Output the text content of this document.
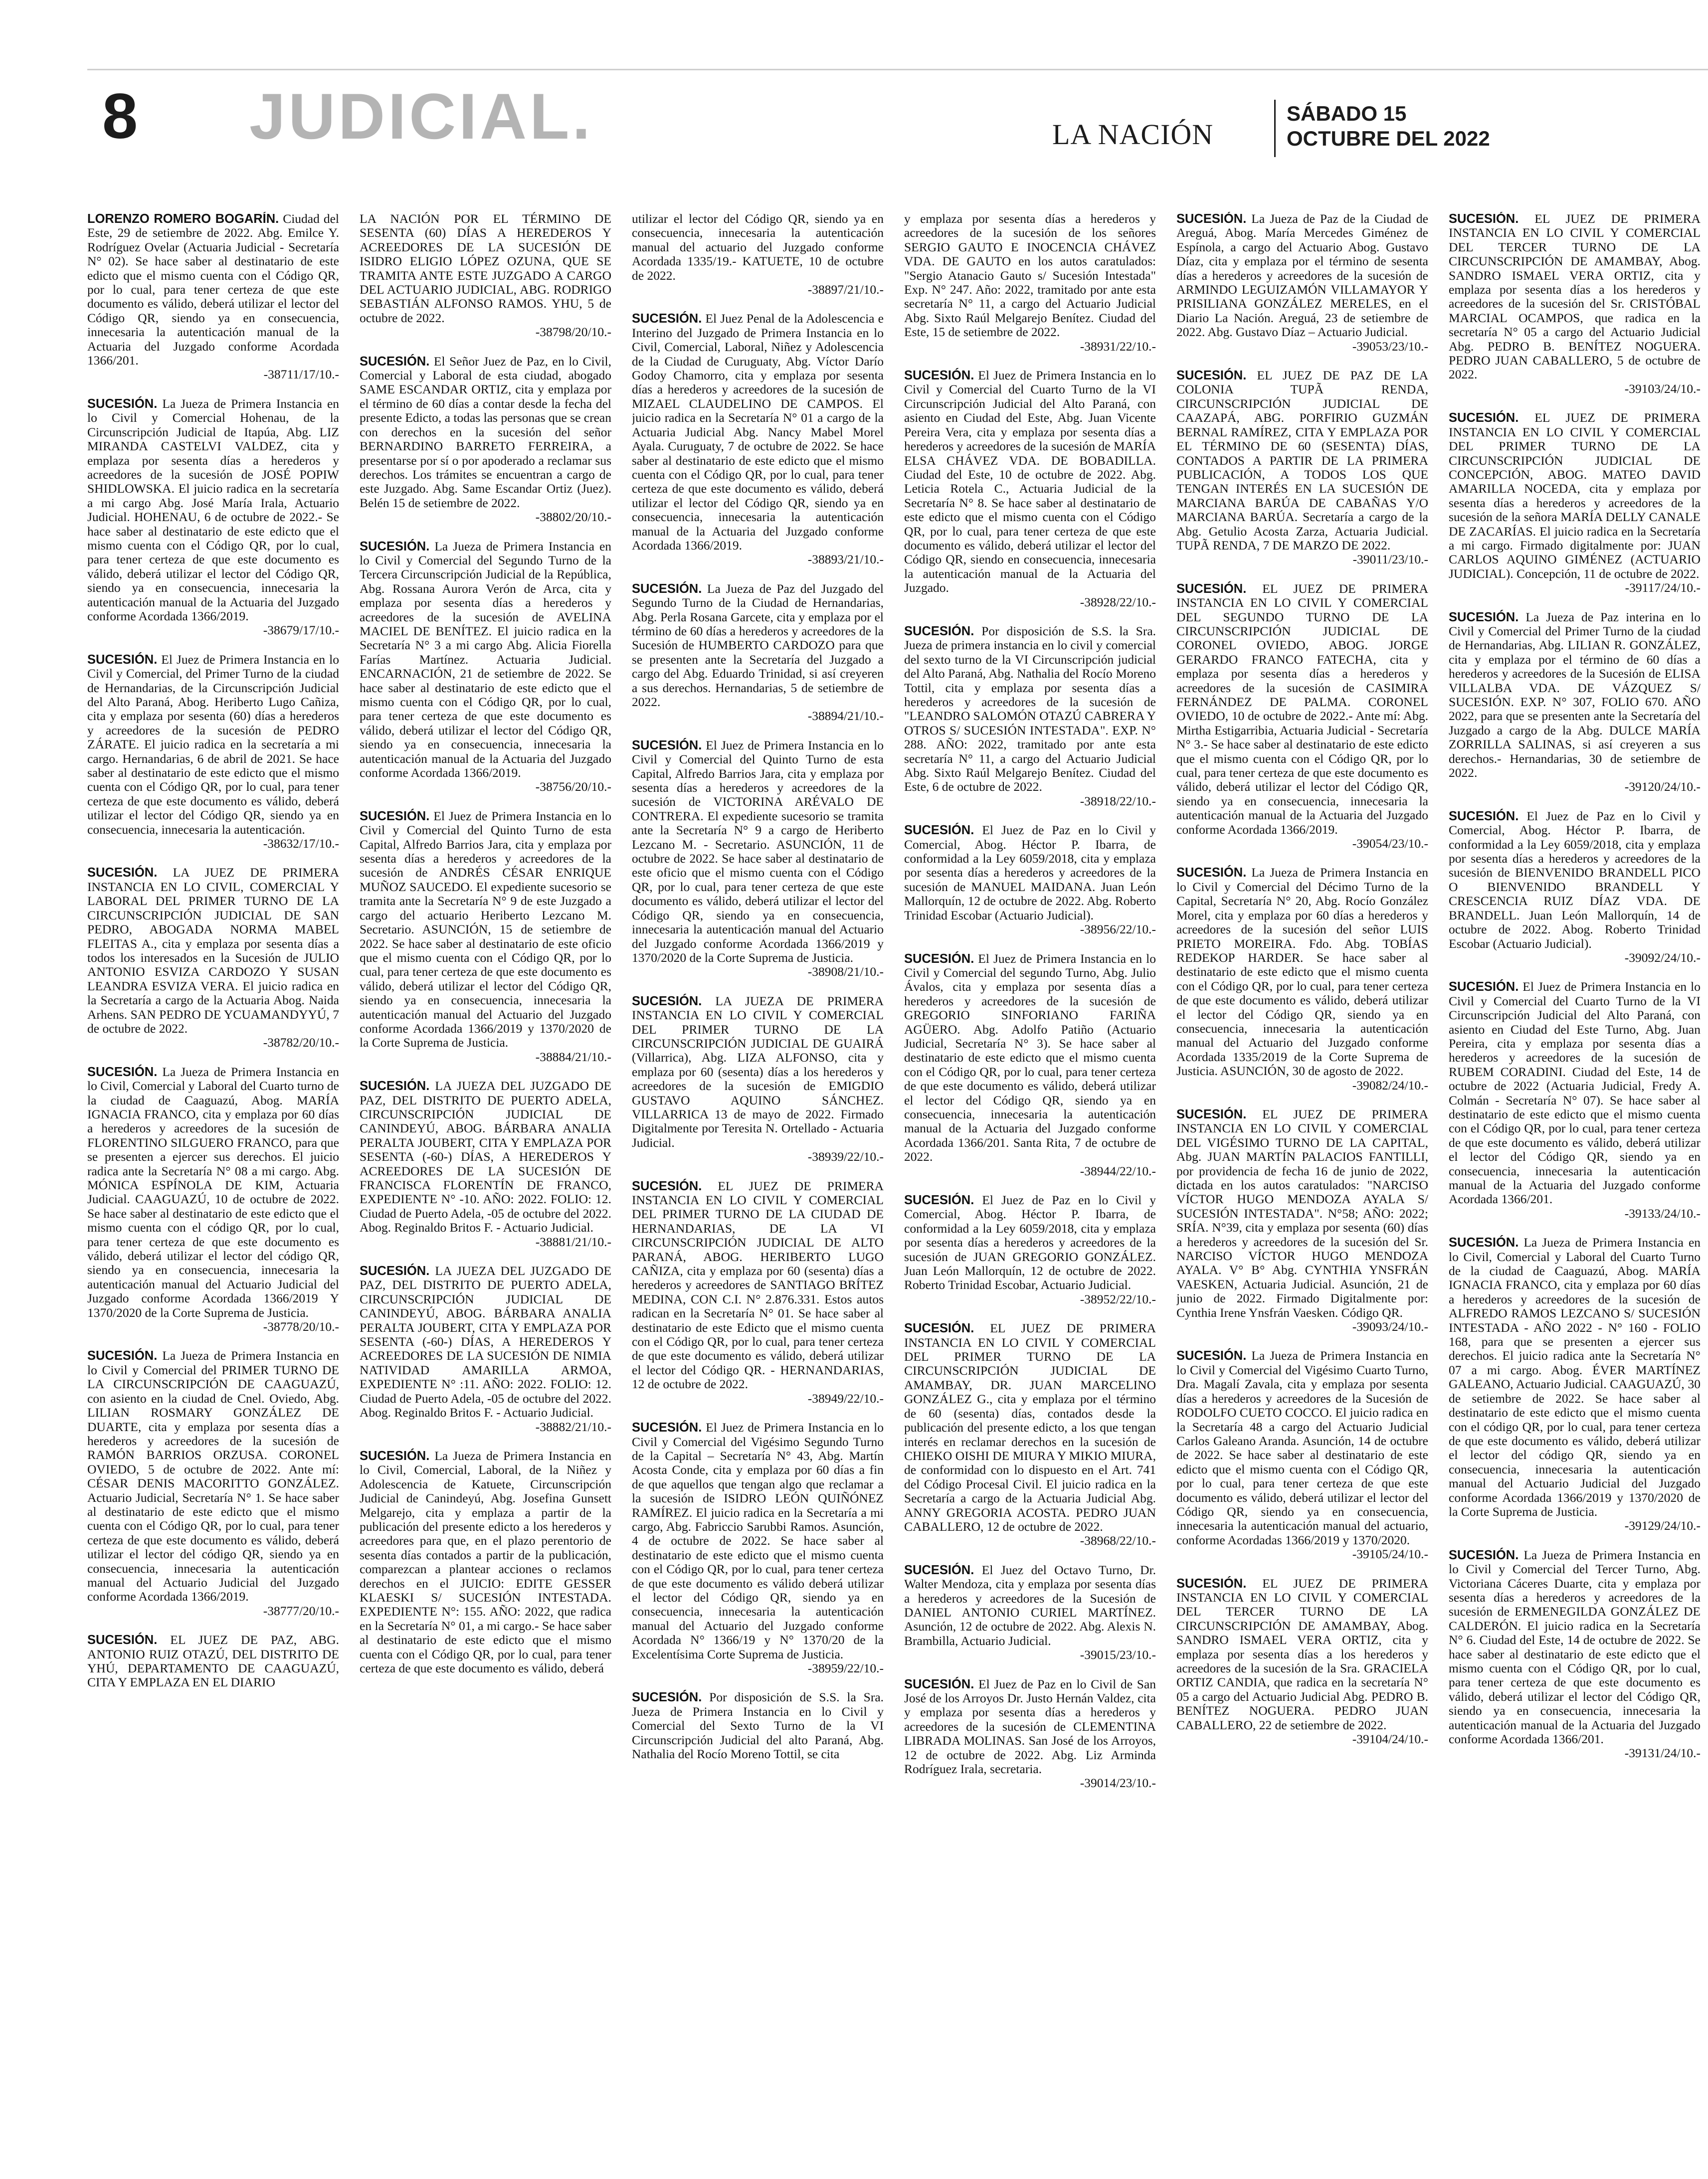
8 JUDICIAL.	LA NACIÓN
SÁBADO 15
OCTUBRE DEL 2022

LORENZO ROMERO BOGARÍN. Ciudad del Este, 29 de setiembre de 2022. Abg. Emilce Y. Rodríguez Ovelar (Actuaria Judicial - Secretaría N° 02). Se hace saber al destinatario de este edicto que el mismo cuenta con el Código QR, por lo cual, para tener certeza de que este documento es válido, deberá utilizar el lector del Código QR, siendo ya en consecuencia, innecesaria la autenticación manual de la Actuaria del Juzgado conforme Acordada 1366/201.
-38711/17/10.-

SUCESIÓN. La Jueza de Primera Instancia en lo Civil y Comercial Hohenau, de la Circunscripción Judicial de Itapúa, Abg. LIZ MIRANDA CASTELVI VALDEZ, cita y emplaza por sesenta días a herederos y acreedores de la sucesión de JOSÉ POPIW SHIDLOWSKA. El juicio radica en la secretaría a mi cargo Abg. José María Irala, Actuario Judicial. HOHENAU, 6 de octubre de 2022.- Se hace saber al destinatario de este edicto que el mismo cuenta con el Código QR, por lo cual, para tener certeza de que este documento es válido, deberá utilizar el lector del Código QR, siendo ya en consecuencia, innecesaria la autenticación manual de la Actuaria del Juzgado conforme Acordada 1366/2019.
-38679/17/10.-

SUCESIÓN. El Juez de Primera Instancia en lo Civil y Comercial, del Primer Turno de la ciudad de Hernandarias, de la Circunscripción Judicial del Alto Paraná, Abog. Heriberto Lugo Cañiza, cita y emplaza por sesenta (60) días a herederos y acreedores de la sucesión de PEDRO ZÁRATE. El juicio radica en la secretaría a mi cargo. Hernandarias, 6 de abril de 2021. Se hace saber al destinatario de este edicto que el mismo cuenta con el Código QR, por lo cual, para tener certeza de que este documento es válido, deberá utilizar el lector del Código QR, siendo ya en consecuencia, innecesaria la autenticación.
-38632/17/10.-

SUCESIÓN. LA JUEZ DE PRIMERA INSTANCIA EN LO CIVIL, COMERCIAL Y LABORAL DEL PRIMER TURNO DE LA CIRCUNSCRIPCIÓN JUDICIAL DE SAN PEDRO, ABOGADA NORMA MABEL FLEITAS A., cita y emplaza por sesenta días a todos los interesados en la Sucesión de JULIO ANTONIO ESVIZA CARDOZO Y SUSAN LEANDRA ESVIZA VERA. El juicio radica en la Secretaría a cargo de la Actuaria Abog. Naida Arhens. SAN PEDRO DE YCUAMANDYYÚ, 7 de octubre de 2022.
-38782/20/10.-

SUCESIÓN. La Jueza de Primera Instancia en lo Civil, Comercial y Laboral del Cuarto turno de la ciudad de Caaguazú, Abog. MARÍA IGNACIA FRANCO, cita y emplaza por 60 días a herederos y acreedores de la sucesión de FLORENTINO SILGUERO FRANCO, para que se presenten a ejercer sus derechos. El juicio radica ante la Secretaría N° 08 a mi cargo. Abg. MÓNICA ESPÍNOLA DE KIM, Actuaria Judicial. CAAGUAZÚ, 10 de octubre de 2022. Se hace saber al destinatario de este edicto que el mismo cuenta con el código QR, por lo cual, para tener certeza de que este documento es válido, deberá utilizar el lector del código QR, siendo ya en consecuencia, innecesaria la autenticación manual del Actuario Judicial del Juzgado conforme Acordada 1366/2019 Y 1370/2020 de la Corte Suprema de Justicia.
-38778/20/10.-

SUCESIÓN. La Jueza de Primera Instancia en lo Civil y Comercial del PRIMER TURNO DE LA CIRCUNSCRIPCIÓN DE CAAGUAZÚ, con asiento en la ciudad de Cnel. Oviedo, Abg. LILIAN ROSMARY GONZÁLEZ DE DUARTE, cita y emplaza por sesenta días a herederos y acreedores de la sucesión de RAMÓN BARRIOS ORZUSA. CORONEL OVIEDO, 5 de octubre de 2022. Ante mí: CÉSAR DENIS MACORITTO GONZÁLEZ. Actuario Judicial, Secretaría N° 1. Se hace saber al destinatario de este edicto que el mismo cuenta con el Código QR, por lo cual, para tener certeza de que este documento es válido, deberá utilizar el lector del código QR, siendo ya en consecuencia, innecesaria la autenticación manual del Actuario Judicial del Juzgado conforme Acordada 1366/2019.
-38777/20/10.-

SUCESIÓN. EL JUEZ DE PAZ, ABG. ANTONIO RUIZ OTAZÚ, DEL DISTRITO DE YHÚ, DEPARTAMENTO DE CAAGUAZÚ, CITA Y EMPLAZA EN EL DIARIO

LA NACIÓN POR EL TÉRMINO DE SESENTA (60) DÍAS A HEREDEROS Y ACREEDORES DE LA SUCESIÓN DE ISIDRO ELIGIO LÓPEZ OZUNA, QUE SE TRAMITA ANTE ESTE JUZGADO A CARGO DEL ACTUARIO JUDICIAL, ABG. RODRIGO SEBASTIÁN ALFONSO RAMOS. YHU, 5 de octubre de 2022.
-38798/20/10.-

SUCESIÓN. El Señor Juez de Paz, en lo Civil, Comercial y Laboral de esta ciudad, abogado SAME ESCANDAR ORTIZ, cita y emplaza por el término de 60 días a contar desde la fecha del presente Edicto, a todas las personas que se crean con derechos en la sucesión del señor BERNARDINO BARRETO FERREIRA, a presentarse por sí o por apoderado a reclamar sus derechos. Los trámites se encuentran a cargo de este Juzgado. Abg. Same Escandar Ortiz (Juez). Belén 15 de setiembre de 2022.
-38802/20/10.-

SUCESIÓN. La Jueza de Primera Instancia en lo Civil y Comercial del Segundo Turno de la Tercera Circunscripción Judicial de la República, Abg. Rossana Aurora Verón de Arca, cita y emplaza por sesenta días a herederos y acreedores de la sucesión de AVELINA MACIEL DE BENÍTEZ. El juicio radica en la Secretaría N° 3 a mi cargo Abg. Alicia Fiorella Farías Martínez. Actuaria Judicial. ENCARNACIÓN, 21 de setiembre de 2022. Se hace saber al destinatario de este edicto que el mismo cuenta con el Código QR, por lo cual, para tener certeza de que este documento es válido, deberá utilizar el lector del Código QR, siendo ya en consecuencia, innecesaria la autenticación manual de la Actuaria del Juzgado conforme Acordada 1366/2019.
-38756/20/10.-

SUCESIÓN. El Juez de Primera Instancia en lo Civil y Comercial del Quinto Turno de esta Capital, Alfredo Barrios Jara, cita y emplaza por sesenta días a herederos y acreedores de la sucesión de ANDRÉS CÉSAR ENRIQUE MUÑOZ SAUCEDO. El expediente sucesorio se tramita ante la Secretaría N° 9 de este Juzgado a cargo del actuario Heriberto Lezcano M. Secretario. ASUNCIÓN, 15 de setiembre de 2022. Se hace saber al destinatario de este oficio que el mismo cuenta con el Código QR, por lo cual, para tener certeza de que este documento es válido, deberá utilizar el lector del Código QR, siendo ya en consecuencia, innecesaria la autenticación manual del Actuario del Juzgado conforme Acordada 1366/2019 y 1370/2020 de la Corte Suprema de Justicia.
-38884/21/10.-

SUCESIÓN. LA JUEZA DEL JUZGADO DE PAZ, DEL DISTRITO DE PUERTO ADELA, CIRCUNSCRIPCIÓN JUDICIAL DE CANINDEYÚ, ABOG. BÁRBARA ANALIA PERALTA JOUBERT, CITA Y EMPLAZA POR SESENTA (-60-) DÍAS, A HEREDEROS Y ACREEDORES DE LA SUCESIÓN DE FRANCISCA FLORENTÍN DE FRANCO, EXPEDIENTE N° -10. AÑO: 2022. FOLIO: 12. Ciudad de Puerto Adela, -05 de octubre del 2022. Abog. Reginaldo Britos F. - Actuario Judicial.
-38881/21/10.-

SUCESIÓN. LA JUEZA DEL JUZGADO DE PAZ, DEL DISTRITO DE PUERTO ADELA, CIRCUNSCRIPCIÓN JUDICIAL DE CANINDEYÚ, ABOG. BÁRBARA ANALIA PERALTA JOUBERT, CITA Y EMPLAZA POR SESENTA (-60-) DÍAS, A HEREDEROS Y ACREEDORES DE LA SUCESIÓN DE NIMIA NATIVIDAD AMARILLA ARMOA, EXPEDIENTE N° :11. AÑO: 2022. FOLIO: 12. Ciudad de Puerto Adela, -05 de octubre del 2022. Abog. Reginaldo Britos F. - Actuario Judicial.
-38882/21/10.-

SUCESIÓN. La Jueza de Primera Instancia en lo Civil, Comercial, Laboral, de la Niñez y Adolescencia de Katuete, Circunscripción Judicial de Canindeyú, Abg. Josefina Gunsett Melgarejo, cita y emplaza a partir de la publicación del presente edicto a los herederos y acreedores para que, en el plazo perentorio de sesenta días contados a partir de la publicación, comparezcan a plantear acciones o reclamos derechos en el JUICIO: EDITE GESSER KLAESKI S/ SUCESIÓN INTESTADA. EXPEDIENTE N°: 155. AÑO: 2022, que radica en la Secretaría N° 01, a mi cargo.- Se hace saber al destinatario de este edicto que el mismo cuenta con el Código QR, por lo cual, para tener certeza de que este documento es válido, deberá

utilizar el lector del Código QR, siendo ya en consecuencia, innecesaria la autenticación manual del actuario del Juzgado conforme Acordada 1335/19.- KATUETE, 10 de octubre de 2022.
-38897/21/10.-

SUCESIÓN. El Juez Penal de la Adolescencia e Interino del Juzgado de Primera Instancia en lo Civil, Comercial, Laboral, Niñez y Adolescencia de la Ciudad de Curuguaty, Abg. Víctor Darío Godoy Chamorro, cita y emplaza por sesenta días a herederos y acreedores de la sucesión de MIZAEL CLAUDELINO DE CAMPOS. El juicio radica en la Secretaría N° 01 a cargo de la Actuaria Judicial Abg. Nancy Mabel Morel Ayala. Curuguaty, 7 de octubre de 2022. Se hace saber al destinatario de este edicto que el mismo cuenta con el Código QR, por lo cual, para tener certeza de que este documento es válido, deberá utilizar el lector del Código QR, siendo ya en consecuencia, innecesaria la autenticación manual de la Actuaria del Juzgado conforme Acordada 1366/2019.
-38893/21/10.-

SUCESIÓN. La Jueza de Paz del Juzgado del Segundo Turno de la Ciudad de Hernandarias, Abg. Perla Rosana Garcete, cita y emplaza por el término de 60 días a herederos y acreedores de la Sucesión de HUMBERTO CARDOZO para que se presenten ante la Secretaría del Juzgado a cargo del Abg. Eduardo Trinidad, si así creyeren a sus derechos. Hernandarias, 5 de setiembre de 2022.
-38894/21/10.-

SUCESIÓN. El Juez de Primera Instancia en lo Civil y Comercial del Quinto Turno de esta Capital, Alfredo Barrios Jara, cita y emplaza por sesenta días a herederos y acreedores de la sucesión de VICTORINA ARÉVALO DE CONTRERA. El expediente sucesorio se tramita ante la Secretaría N° 9 a cargo de Heriberto Lezcano M. - Secretario. ASUNCIÓN, 11 de octubre de 2022. Se hace saber al destinatario de este oficio que el mismo cuenta con el Código QR, por lo cual, para tener certeza de que este documento es válido, deberá utilizar el lector del Código QR, siendo ya en consecuencia, innecesaria la autenticación manual del Actuario del Juzgado conforme Acordada 1366/2019 y 1370/2020 de la Corte Suprema de Justicia.
-38908/21/10.-

SUCESIÓN. LA JUEZA DE PRIMERA INSTANCIA EN LO CIVIL Y COMERCIAL DEL PRIMER TURNO DE LA CIRCUNSCRIPCIÓN JUDICIAL DE GUAIRÁ (Villarrica), Abg. LIZA ALFONSO, cita y emplaza por 60 (sesenta) días a los herederos y acreedores de la sucesión de EMIGDIO GUSTAVO AQUINO SÁNCHEZ. VILLARRICA 13 de mayo de 2022. Firmado Digitalmente por Teresita N. Ortellado - Actuaria Judicial.
-38939/22/10.-

SUCESIÓN. EL JUEZ DE PRIMERA INSTANCIA EN LO CIVIL Y COMERCIAL DEL PRIMER TURNO DE LA CIUDAD DE HERNANDARIAS, DE LA VI CIRCUNSCRIPCIÓN JUDICIAL DE ALTO PARANÁ, ABOG. HERIBERTO LUGO CAÑIZA, cita y emplaza por 60 (sesenta) días a herederos y acreedores de SANTIAGO BRÍTEZ MEDINA, CON C.I. N° 2.876.331. Estos autos radican en la Secretaría N° 01. Se hace saber al destinatario de este Edicto que el mismo cuenta con el Código QR, por lo cual, para tener certeza de que este documento es válido, deberá utilizar el lector del Código QR. - HERNANDARIAS, 12 de octubre de 2022.
-38949/22/10.-

SUCESIÓN. El Juez de Primera Instancia en lo Civil y Comercial del Vigésimo Segundo Turno de la Capital – Secretaría N° 43, Abg. Martín Acosta Conde, cita y emplaza por 60 días a fin de que aquellos que tengan algo que reclamar a la sucesión de ISIDRO LEÓN QUIÑÓNEZ RAMÍREZ. El juicio radica en la Secretaría a mi cargo, Abg. Fabriccio Sarubbi Ramos. Asunción, 4 de octubre de 2022. Se hace saber al destinatario de este edicto que el mismo cuenta con el Código QR, por lo cual, para tener certeza de que este documento es válido deberá utilizar el lector del Código QR, siendo ya en consecuencia, innecesaria la autenticación manual del Actuario del Juzgado conforme Acordada N° 1366/19 y N° 1370/20 de la Excelentísima Corte Suprema de Justicia.
-38959/22/10.-

SUCESIÓN. Por disposición de S.S. la Sra. Jueza de Primera Instancia en lo Civil y Comercial del Sexto Turno de la VI Circunscripción Judicial del alto Paraná, Abg. Nathalia del Rocío Moreno Tottil, se cita

y emplaza por sesenta días a herederos y acreedores de la sucesión de los señores SERGIO GAUTO E INOCENCIA CHÁVEZ VDA. DE GAUTO en los autos caratulados: "Sergio Atanacio Gauto s/ Sucesión Intestada" Exp. N° 247. Año: 2022, tramitado por ante esta secretaría N° 11, a cargo del Actuario Judicial Abg. Sixto Raúl Melgarejo Benítez. Ciudad del Este, 15 de setiembre de 2022.
-38931/22/10.-

SUCESIÓN. El Juez de Primera Instancia en lo Civil y Comercial del Cuarto Turno de la VI Circunscripción Judicial del Alto Paraná, con asiento en Ciudad del Este, Abg. Juan Vicente Pereira Vera, cita y emplaza por sesenta días a herederos y acreedores de la sucesión de MARÍA ELSA CHÁVEZ VDA. DE BOBADILLA. Ciudad del Este, 10 de octubre de 2022. Abg. Leticia Rotela C., Actuaria Judicial de la Secretaría N° 8. Se hace saber al destinatario de este edicto que el mismo cuenta con el Código QR, por lo cual, para tener certeza de que este documento es válido, deberá utilizar el lector del Código QR, siendo en consecuencia, innecesaria la autenticación manual de la Actuaria del Juzgado.
-38928/22/10.-

SUCESIÓN. Por disposición de S.S. la Sra. Jueza de primera instancia en lo civil y comercial del sexto turno de la VI Circunscripción judicial del Alto Paraná, Abg. Nathalia del Rocío Moreno Tottil, cita y emplaza por sesenta días a herederos y acreedores de la sucesión de "LEANDRO SALOMÓN OTAZÚ CABRERA Y OTROS S/ SUCESIÓN INTESTADA". EXP. N° 288. AÑO: 2022, tramitado por ante esta secretaría N° 11, a cargo del Actuario Judicial Abg. Sixto Raúl Melgarejo Benítez. Ciudad del Este, 6 de octubre de 2022.
-38918/22/10.-

SUCESIÓN. El Juez de Paz en lo Civil y Comercial, Abog. Héctor P. Ibarra, de conformidad a la Ley 6059/2018, cita y emplaza por sesenta días a herederos y acreedores de la sucesión de MANUEL MAIDANA. Juan León Mallorquín, 12 de octubre de 2022. Abg. Roberto Trinidad Escobar (Actuario Judicial).
-38956/22/10.-

SUCESIÓN. El Juez de Primera Instancia en lo Civil y Comercial del segundo Turno, Abg. Julio Ávalos, cita y emplaza por sesenta días a herederos y acreedores de la sucesión de GREGORIO SINFORIANO FARIÑA AGÜERO. Abg. Adolfo Patiño (Actuario Judicial, Secretaría N° 3). Se hace saber al destinatario de este edicto que el mismo cuenta con el Código QR, por lo cual, para tener certeza de que este documento es válido, deberá utilizar el lector del Código QR, siendo ya en consecuencia, innecesaria la autenticación manual de la Actuaria del Juzgado conforme Acordada 1366/201. Santa Rita, 7 de octubre de 2022.
-38944/22/10.-

SUCESIÓN. El Juez de Paz en lo Civil y Comercial, Abog. Héctor P. Ibarra, de conformidad a la Ley 6059/2018, cita y emplaza por sesenta días a herederos y acreedores de la sucesión de JUAN GREGORIO GONZÁLEZ. Juan León Mallorquín, 12 de octubre de 2022. Roberto Trinidad Escobar, Actuario Judicial.
-38952/22/10.-

SUCESIÓN. EL JUEZ DE PRIMERA INSTANCIA EN LO CIVIL Y COMERCIAL DEL PRIMER TURNO DE LA CIRCUNSCRIPCIÓN JUDICIAL DE AMAMBAY, DR. JUAN MARCELINO GONZÁLEZ G., cita y emplaza por el término de 60 (sesenta) días, contados desde la publicación del presente edicto, a los que tengan interés en reclamar derechos en la sucesión de CHIEKO OISHI DE MIURA Y MIKIO MIURA, de conformidad con lo dispuesto en el Art. 741 del Código Procesal Civil. El juicio radica en la Secretaría a cargo de la Actuaria Judicial Abg. ANNY GREGORIA ACOSTA. PEDRO JUAN CABALLERO, 12 de octubre de 2022.
-38968/22/10.-

SUCESIÓN. El Juez del Octavo Turno, Dr. Walter Mendoza, cita y emplaza por sesenta días a herederos y acreedores de la Sucesión de DANIEL ANTONIO CURIEL MARTÍNEZ. Asunción, 12 de octubre de 2022. Abg. Alexis N. Brambilla, Actuario Judicial.
-39015/23/10.-

SUCESIÓN. El Juez de Paz en lo Civil de San José de los Arroyos Dr. Justo Hernán Valdez, cita y emplaza por sesenta días a herederos y acreedores de la sucesión de CLEMENTINA LIBRADA MOLINAS. San José de los Arroyos, 12 de octubre de 2022. Abg. Liz Arminda Rodríguez Irala, secretaria.
-39014/23/10.-

SUCESIÓN. La Jueza de Paz de la Ciudad de Areguá, Abog. María Mercedes Giménez de Espínola, a cargo del Actuario Abog. Gustavo Díaz, cita y emplaza por el término de sesenta días a herederos y acreedores de la sucesión de ARMINDO LEGUIZAMÓN VILLAMAYOR Y PRISILIANA GONZÁLEZ MERELES, en el Diario La Nación. Areguá, 23 de setiembre de 2022. Abg. Gustavo Díaz – Actuario Judicial.
-39053/23/10.-

SUCESIÓN. EL JUEZ DE PAZ DE LA COLONIA TUPÃ RENDA, CIRCUNSCRIPCIÓN JUDICIAL DE CAAZAPÁ, ABG. PORFIRIO GUZMÁN BERNAL RAMÍREZ, CITA Y EMPLAZA POR EL TÉRMINO DE 60 (SESENTA) DÍAS, CONTADOS A PARTIR DE LA PRIMERA PUBLICACIÓN, A TODOS LOS QUE TENGAN INTERÉS EN LA SUCESIÓN DE MARCIANA BARÚA DE CABAÑAS Y/O MARCIANA BARÚA. Secretaría a cargo de la Abg. Getulio Acosta Zarza, Actuaria Judicial. TUPÃ RENDA, 7 DE MARZO DE 2022.
-39011/23/10.-

SUCESIÓN. EL JUEZ DE PRIMERA INSTANCIA EN LO CIVIL Y COMERCIAL DEL SEGUNDO TURNO DE LA CIRCUNSCRIPCIÓN JUDICIAL DE CORONEL OVIEDO, ABOG. JORGE GERARDO FRANCO FATECHA, cita y emplaza por sesenta días a herederos y acreedores de la sucesión de CASIMIRA FERNÁNDEZ DE PALMA. CORONEL OVIEDO, 10 de octubre de 2022.- Ante mí: Abg. Mirtha Estigarribia, Actuaria Judicial - Secretaría N° 3.- Se hace saber al destinatario de este edicto que el mismo cuenta con el Código QR, por lo cual, para tener certeza de que este documento es válido, deberá utilizar el lector del Código QR, siendo ya en consecuencia, innecesaria la autenticación manual de la Actuaria del Juzgado conforme Acordada 1366/2019.
-39054/23/10.-

SUCESIÓN. La Jueza de Primera Instancia en lo Civil y Comercial del Décimo Turno de la Capital, Secretaría N° 20, Abg. Rocío González Morel, cita y emplaza por 60 días a herederos y acreedores de la sucesión del señor LUIS PRIETO MOREIRA. Fdo. Abg. TOBÍAS REDEKOP HARDER. Se hace saber al destinatario de este edicto que el mismo cuenta con el Código QR, por lo cual, para tener certeza de que este documento es válido, deberá utilizar el lector del Código QR, siendo ya en consecuencia, innecesaria la autenticación manual del Actuario del Juzgado conforme Acordada 1335/2019 de la Corte Suprema de Justicia. ASUNCIÓN, 30 de agosto de 2022.
-39082/24/10.-

SUCESIÓN. EL JUEZ DE PRIMERA INSTANCIA EN LO CIVIL Y COMERCIAL DEL VIGÉSIMO TURNO DE LA CAPITAL, Abg. JUAN MARTÍN PALACIOS FANTILLI, por providencia de fecha 16 de junio de 2022, dictada en los autos caratulados: "NARCISO VÍCTOR HUGO MENDOZA AYALA S/ SUCESIÓN INTESTADA". N°58; AÑO: 2022; SRÍA. N°39, cita y emplaza por sesenta (60) días a herederos y acreedores de la sucesión del Sr. NARCISO VÍCTOR HUGO MENDOZA AYALA. V° B° Abg. CYNTHIA YNSFRÁN VAESKEN, Actuaria Judicial. Asunción, 21 de junio de 2022. Firmado Digitalmente por: Cynthia Irene Ynsfrán Vaesken. Código QR.
-39093/24/10.-

SUCESIÓN. La Jueza de Primera Instancia en lo Civil y Comercial del Vigésimo Cuarto Turno, Dra. Magalí Zavala, cita y emplaza por sesenta días a herederos y acreedores de la Sucesión de RODOLFO CUETO COCCO. El juicio radica en la Secretaría 48 a cargo del Actuario Judicial Carlos Galeano Aranda. Asunción, 14 de octubre de 2022. Se hace saber al destinatario de este edicto que el mismo cuenta con el Código QR, por lo cual, para tener certeza de que este documento es válido, deberá utilizar el lector del Código QR, siendo ya en consecuencia, innecesaria la autenticación manual del actuario, conforme Acordadas 1366/2019 y 1370/2020.
-39105/24/10.-

SUCESIÓN. EL JUEZ DE PRIMERA INSTANCIA EN LO CIVIL Y COMERCIAL DEL TERCER TURNO DE LA CIRCUNSCRIPCIÓN DE AMAMBAY, Abog. SANDRO ISMAEL VERA ORTIZ, cita y emplaza por sesenta días a los herederos y acreedores de la sucesión de la Sra. GRACIELA ORTIZ CANDIA, que radica en la secretaría N° 05 a cargo del Actuario Judicial Abg. PEDRO B. BENÍTEZ NOGUERA. PEDRO JUAN CABALLERO, 22 de setiembre de 2022.
-39104/24/10.-

SUCESIÓN. EL JUEZ DE PRIMERA INSTANCIA EN LO CIVIL Y COMERCIAL DEL TERCER TURNO DE LA CIRCUNSCRIPCIÓN DE AMAMBAY, Abog. SANDRO ISMAEL VERA ORTIZ, cita y emplaza por sesenta días a los herederos y acreedores de la sucesión del Sr. CRISTÓBAL MARCIAL OCAMPOS, que radica en la secretaría N° 05 a cargo del Actuario Judicial Abg. PEDRO B. BENÍTEZ NOGUERA. PEDRO JUAN CABALLERO, 5 de octubre de 2022.
-39103/24/10.-

SUCESIÓN. EL JUEZ DE PRIMERA INSTANCIA EN LO CIVIL Y COMERCIAL DEL PRIMER TURNO DE LA CIRCUNSCRIPCIÓN JUDICIAL DE CONCEPCIÓN, ABOG. MATEO DAVID AMARILLA NOCEDA, cita y emplaza por sesenta días a herederos y acreedores de la sucesión de la señora MARÍA DELLY CANALE DE ZACARÍAS. El juicio radica en la Secretaría a mi cargo. Firmado digitalmente por: JUAN CARLOS AQUINO GIMÉNEZ (ACTUARIO JUDICIAL). Concepción, 11 de octubre de 2022.
-39117/24/10.-

SUCESIÓN. La Jueza de Paz interina en lo Civil y Comercial del Primer Turno de la ciudad de Hernandarias, Abg. LILIAN R. GONZÁLEZ, cita y emplaza por el término de 60 días a herederos y acreedores de la Sucesión de ELISA VILLALBA VDA. DE VÁZQUEZ S/ SUCESIÓN. EXP. N° 307, FOLIO 670. AÑO 2022, para que se presenten ante la Secretaría del Juzgado a cargo de la Abg. DULCE MARÍA ZORRILLA SALINAS, si así creyeren a sus derechos.- Hernandarias, 30 de setiembre de 2022.
-39120/24/10.-

SUCESIÓN. El Juez de Paz en lo Civil y Comercial, Abog. Héctor P. Ibarra, de conformidad a la Ley 6059/2018, cita y emplaza por sesenta días a herederos y acreedores de la sucesión de BIENVENIDO BRANDELL PICO O BIENVENIDO BRANDELL Y CRESCENCIA RUIZ DÍAZ VDA. DE BRANDELL. Juan León Mallorquín, 14 de octubre de 2022. Abog. Roberto Trinidad Escobar (Actuario Judicial).
-39092/24/10.-

SUCESIÓN. El Juez de Primera Instancia en lo Civil y Comercial del Cuarto Turno de la VI Circunscripción Judicial del Alto Paraná, con asiento en Ciudad del Este Turno, Abg. Juan Pereira, cita y emplaza por sesenta días a herederos y acreedores de la sucesión de RUBEM CORADINI. Ciudad del Este, 14 de octubre de 2022 (Actuaria Judicial, Fredy A. Colmán - Secretaría N° 07). Se hace saber al destinatario de este edicto que el mismo cuenta con el Código QR, por lo cual, para tener certeza de que este documento es válido, deberá utilizar el lector del Código QR, siendo ya en consecuencia, innecesaria la autenticación manual de la Actuaria del Juzgado conforme Acordada 1366/201.
-39133/24/10.-

SUCESIÓN. La Jueza de Primera Instancia en lo Civil, Comercial y Laboral del Cuarto Turno de la ciudad de Caaguazú, Abog. MARÍA IGNACIA FRANCO, cita y emplaza por 60 días a herederos y acreedores de la sucesión de ALFREDO RAMOS LEZCANO S/ SUCESIÓN INTESTADA - AÑO 2022 - N° 160 - FOLIO 168, para que se presenten a ejercer sus derechos. El juicio radica ante la Secretaría N° 07 a mi cargo. Abog. ÉVER MARTÍNEZ GALEANO, Actuario Judicial. CAAGUAZÚ, 30 de setiembre de 2022. Se hace saber al destinatario de este edicto que el mismo cuenta con el código QR, por lo cual, para tener certeza de que este documento es válido, deberá utilizar el lector del código QR, siendo ya en consecuencia, innecesaria la autenticación manual del Actuario Judicial del Juzgado conforme Acordada 1366/2019 y 1370/2020 de la Corte Suprema de Justicia.
-39129/24/10.-

SUCESIÓN. La Jueza de Primera Instancia en lo Civil y Comercial del Tercer Turno, Abg. Victoriana Cáceres Duarte, cita y emplaza por sesenta días a herederos y acreedores de la sucesión de ERMENEGILDA GONZÁLEZ DE CALDERÓN. El juicio radica en la Secretaría N° 6. Ciudad del Este, 14 de octubre de 2022. Se hace saber al destinatario de este edicto que el mismo cuenta con el Código QR, por lo cual, para tener certeza de que este documento es válido, deberá utilizar el lector del Código QR, siendo ya en consecuencia, innecesaria la autenticación manual de la Actuaria del Juzgado conforme Acordada 1366/201.
-39131/24/10.-
